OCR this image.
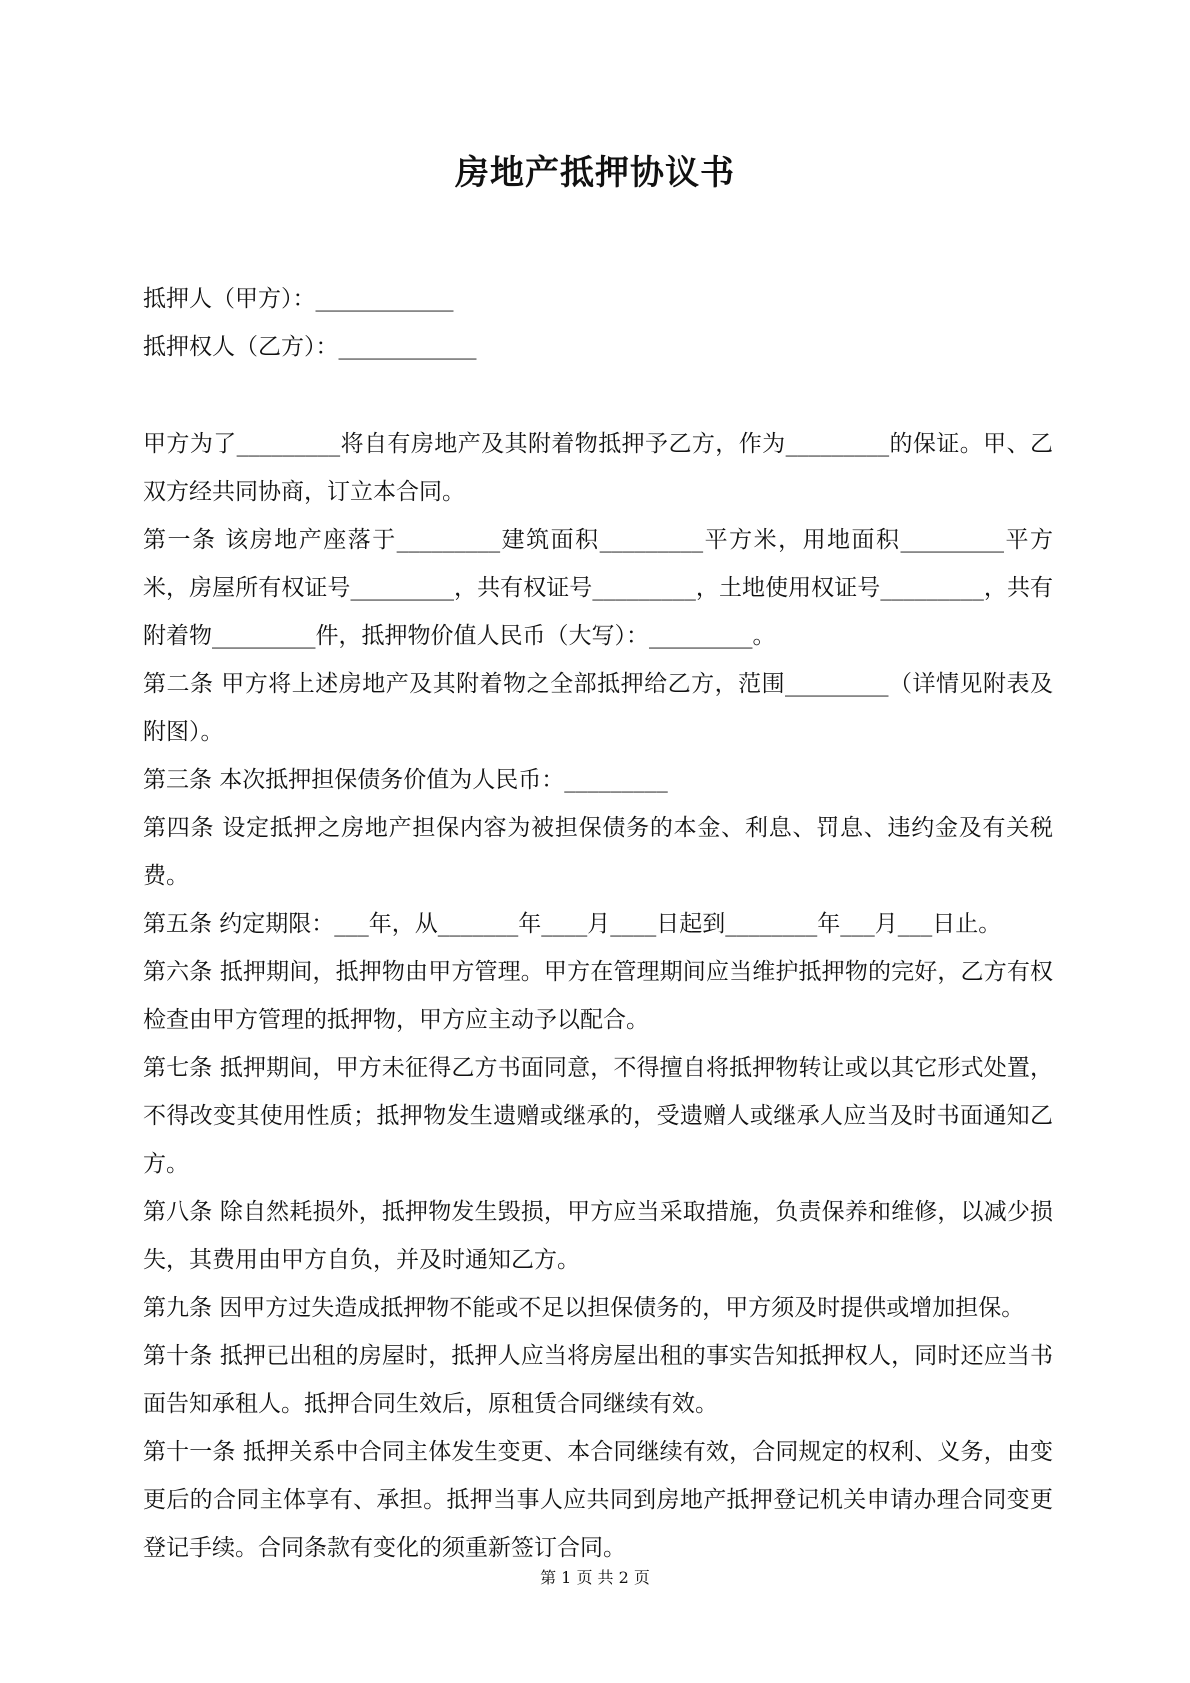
房地产抵押协议书
抵押人（甲方）：____________
抵押权人（乙方）：____________

甲方为了_________将自有房地产及其附着物抵押予乙方，作为_________的保证。甲、乙双方经共同协商，订立本合同。

第一条 该房地产座落于_________建筑面积_________平方米，用地面积_________平方米，房屋所有权证号_________，共有权证号_________，土地使用权证号_________，共有附着物_________件，抵押物价值人民币（大写）：_________。

第二条 甲方将上述房地产及其附着物之全部抵押给乙方，范围_________（详情见附表及附图）。

第三条 本次抵押担保债务价值为人民币：_________

第四条 设定抵押之房地产担保内容为被担保债务的本金、利息、罚息、违约金及有关税费。

第五条 约定期限：___年，从_______年____月____日起到________年___月___日止。

第六条 抵押期间，抵押物由甲方管理。甲方在管理期间应当维护抵押物的完好，乙方有权检查由甲方管理的抵押物，甲方应主动予以配合。

第七条 抵押期间，甲方未征得乙方书面同意，不得擅自将抵押物转让或以其它形式处置，不得改变其使用性质；抵押物发生遗赠或继承的，受遗赠人或继承人应当及时书面通知乙方。

第八条 除自然耗损外，抵押物发生毁损，甲方应当采取措施，负责保养和维修，以减少损失，其费用由甲方自负，并及时通知乙方。

第九条 因甲方过失造成抵押物不能或不足以担保债务的，甲方须及时提供或增加担保。

第十条 抵押已出租的房屋时，抵押人应当将房屋出租的事实告知抵押权人，同时还应当书面告知承租人。抵押合同生效后，原租赁合同继续有效。

第十一条 抵押关系中合同主体发生变更、本合同继续有效，合同规定的权利、义务，由变更后的合同主体享有、承担。抵押当事人应共同到房地产抵押登记机关申请办理合同变更登记手续。合同条款有变化的须重新签订合同。

第 1 页 共 2 页
